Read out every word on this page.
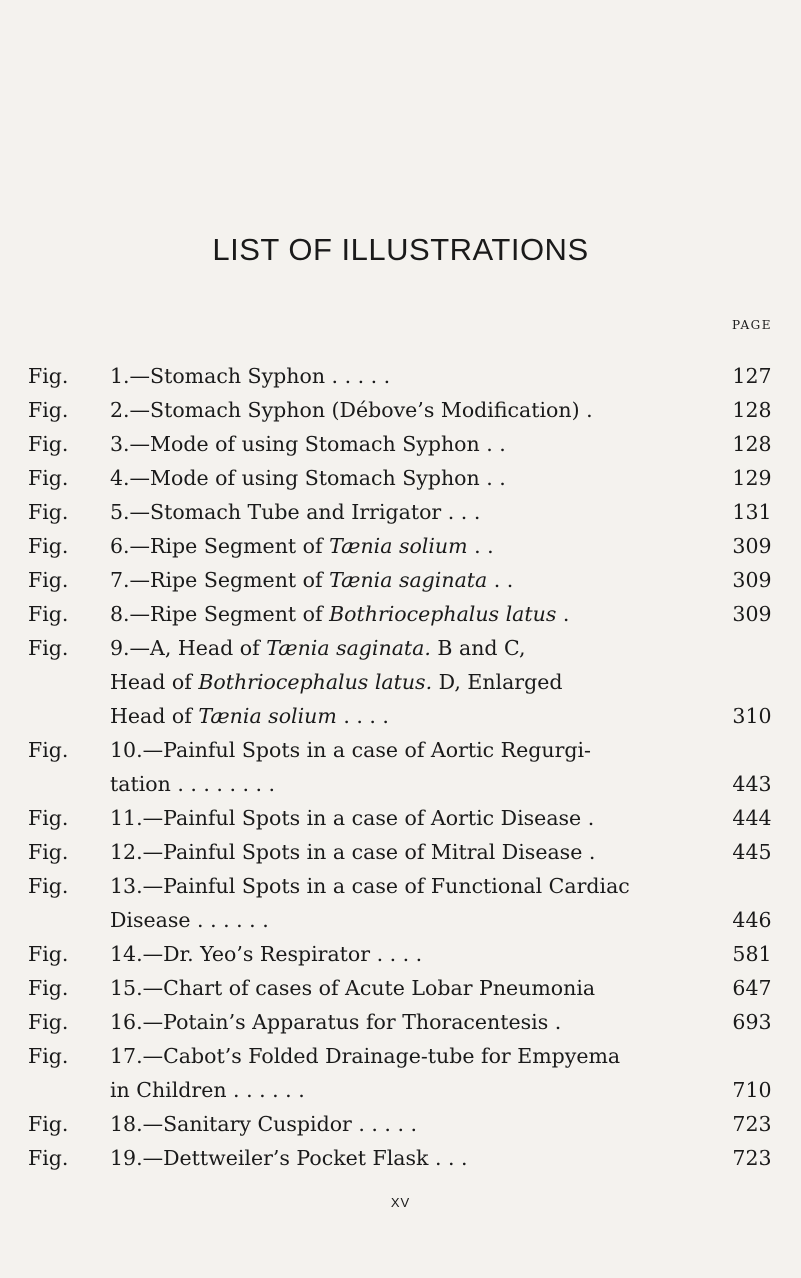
LIST OF ILLUSTRATIONS
PAGE
Fig. 1.—Stomach Syphon . . . . .	127
Fig. 2.—Stomach Syphon (Débove’s Modification) .	128
Fig. 3.—Mode of using Stomach Syphon . .	128
Fig. 4.—Mode of using Stomach Syphon . .	129
Fig. 5.—Stomach Tube and Irrigator . . .	131
Fig. 6.—Ripe Segment of Tænia solium . .	309
Fig. 7.—Ripe Segment of Tænia saginata . .	309
Fig. 8.—Ripe Segment of Bothriocephalus latus .	309
Fig. 9.—A, Head of Tænia saginata. B and C,
Head of Bothriocephalus latus. D, Enlarged
Head of Tænia solium . . . .	310
Fig. 10.—Painful Spots in a case of Aortic Regurgi-
tation . . . . . . . .	443
Fig. 11.—Painful Spots in a case of Aortic Disease .	444
Fig. 12.—Painful Spots in a case of Mitral Disease .	445
Fig. 13.—Painful Spots in a case of Functional Cardiac
Disease . . . . . .	446
Fig. 14.—Dr. Yeo’s Respirator . . . .	581
Fig. 15.—Chart of cases of Acute Lobar Pneumonia	647
Fig. 16.—Potain’s Apparatus for Thoracentesis .	693
Fig. 17.—Cabot’s Folded Drainage-tube for Empyema
in Children . . . . . .	710
Fig. 18.—Sanitary Cuspidor . . . . .	723
Fig. 19.—Dettweiler’s Pocket Flask . . .	723
XV
